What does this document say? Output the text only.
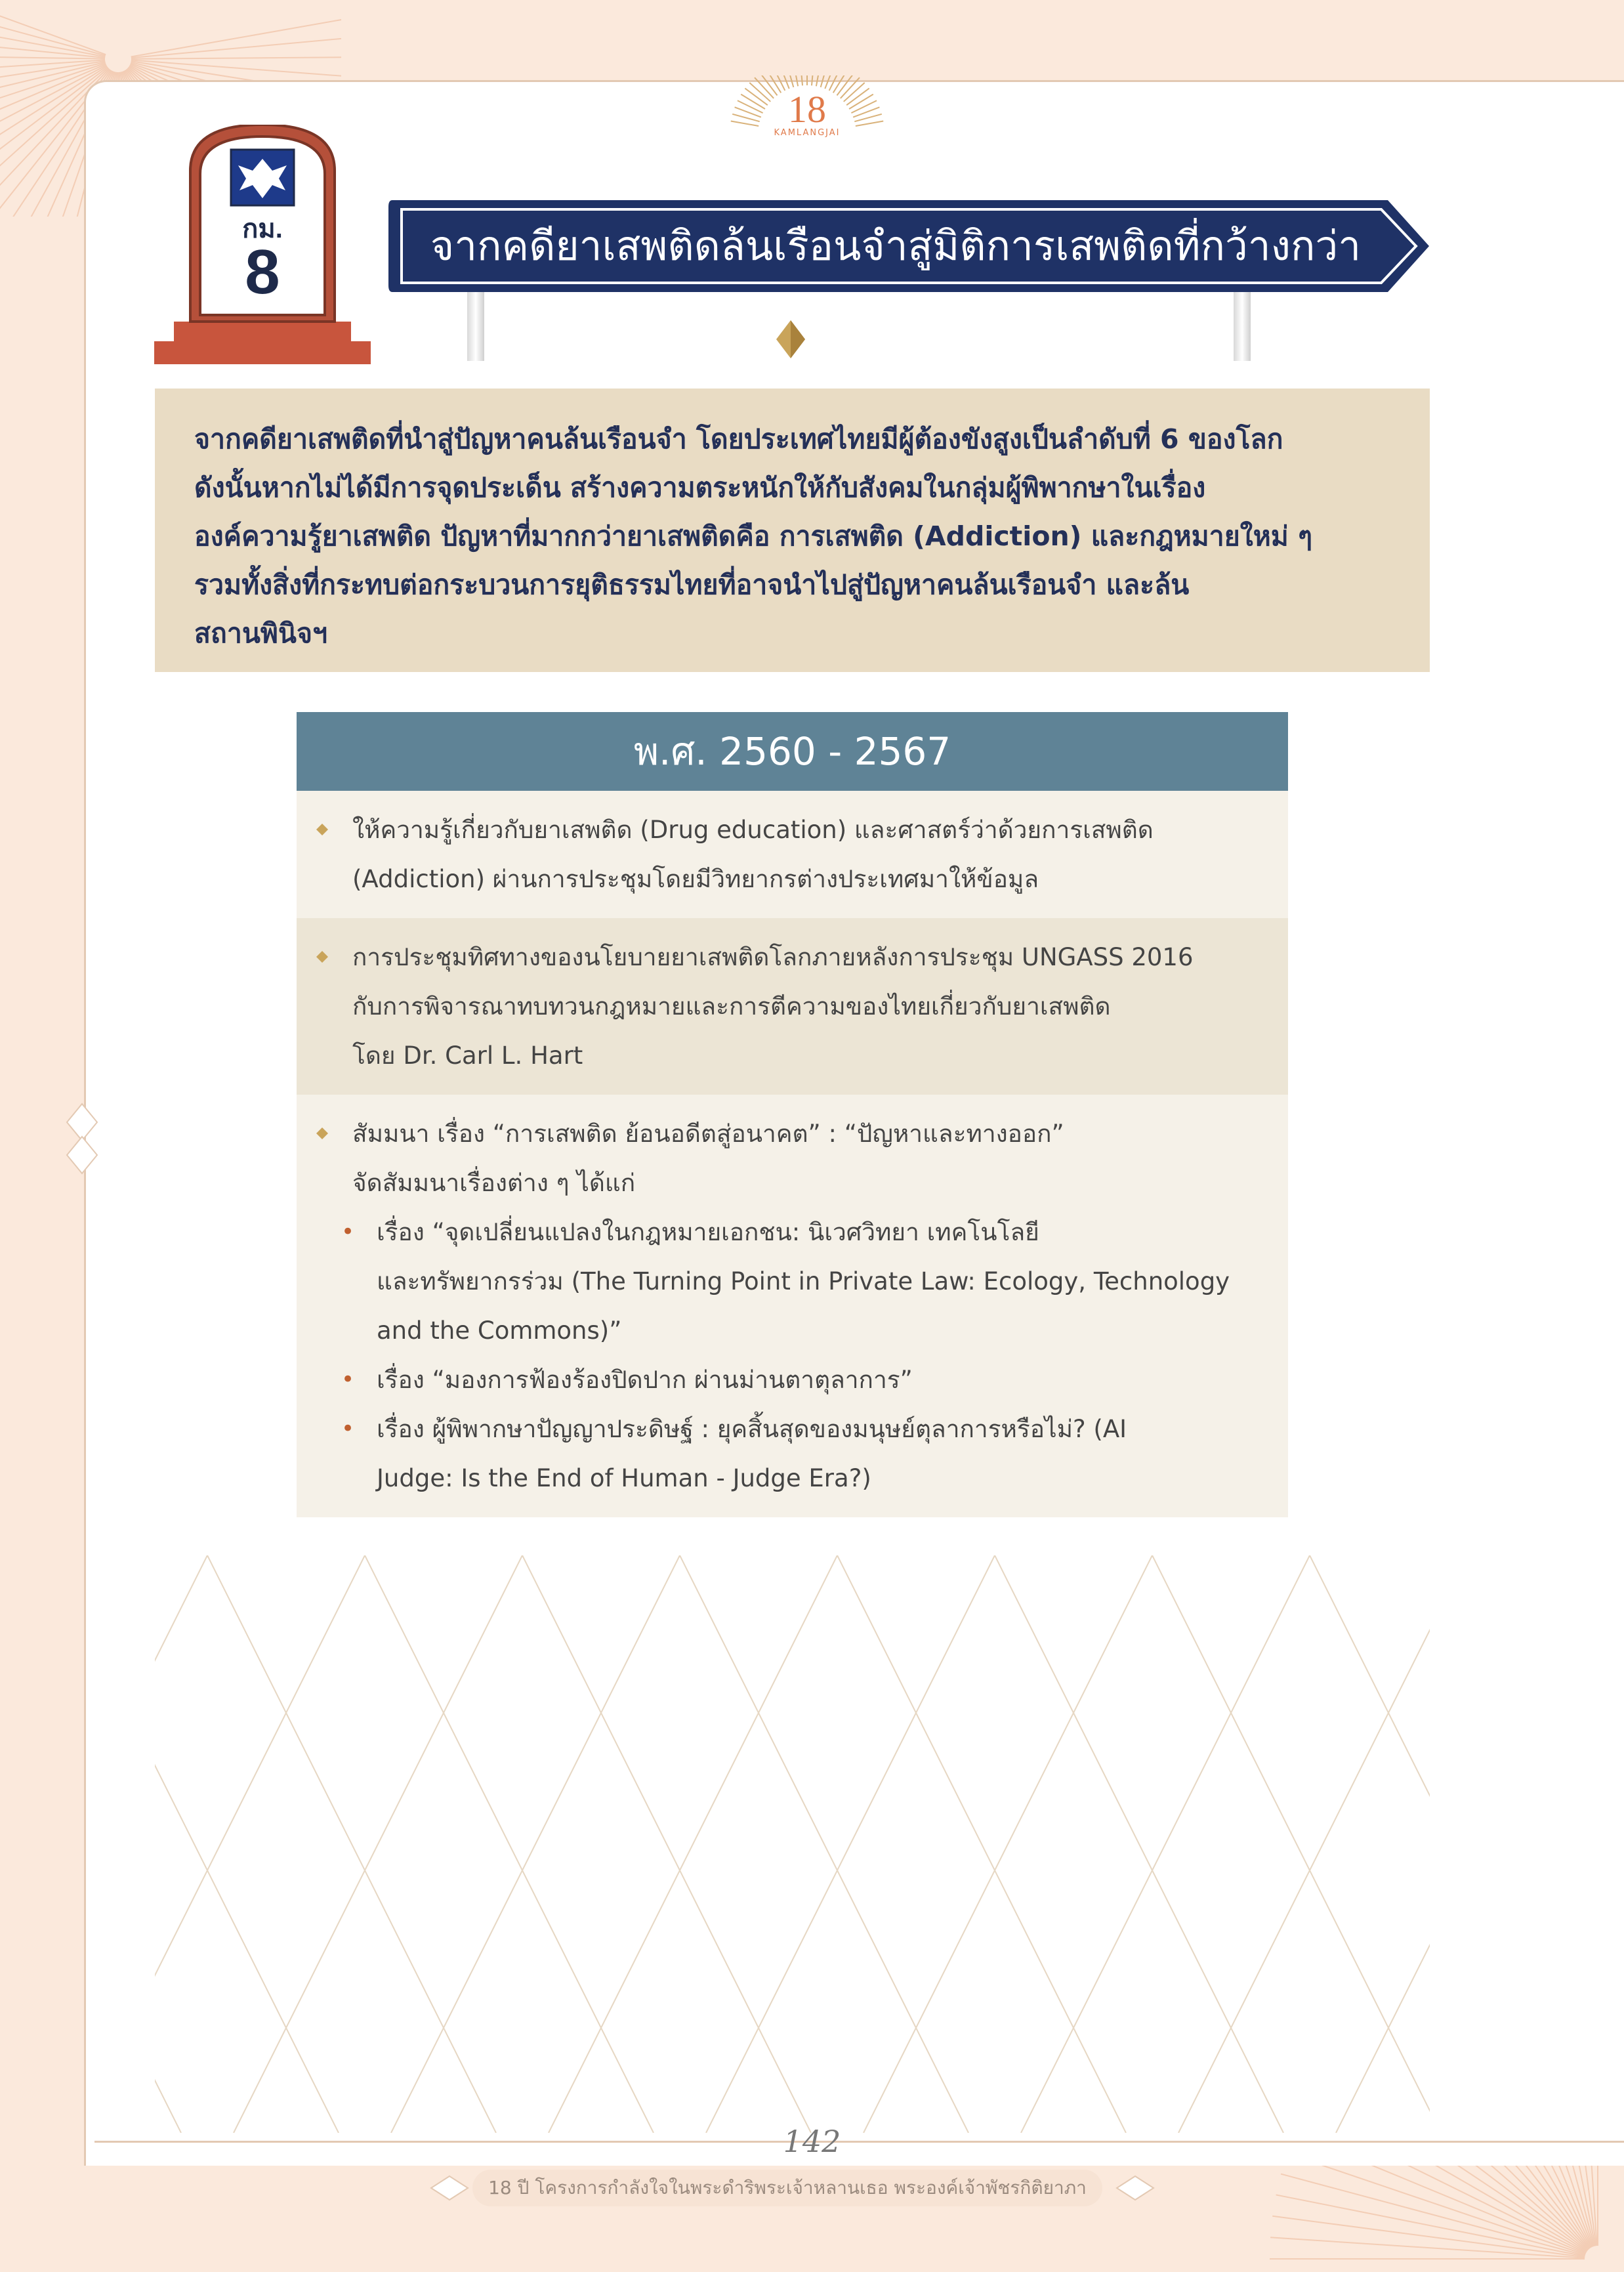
18
KAMLANGJAI
กม.
8	จากคดียาเสพติดล้นเรือนจำสู่มิติการเสพติดที่กว้างกว่า
จากคดียาเสพติดที่นำสู่ปัญหาคนล้นเรือนจำ โดยประเทศไทยมีผู้ต้องขังสูงเป็นลำดับที่ 6 ของโลก
ดังนั้นหากไม่ได้มีการจุดประเด็น สร้างความตระหนักให้กับสังคมในกลุ่มผู้พิพากษาในเรื่อง
องค์ความรู้ยาเสพติด ปัญหาที่มากกว่ายาเสพติดคือ การเสพติด (Addiction) และกฎหมายใหม่ ๆ
รวมทั้งสิ่งที่กระทบต่อกระบวนการยุติธรรมไทยที่อาจนำไปสู่ปัญหาคนล้นเรือนจำ และล้น
สถานพินิจฯ
พ.ศ. 2560 - 2567
ให้ความรู้เกี่ยวกับยาเสพติด (Drug education) และศาสตร์ว่าด้วยการเสพติด
(Addiction) ผ่านการประชุมโดยมีวิทยากรต่างประเทศมาให้ข้อมูล
การประชุมทิศทางของนโยบายยาเสพติดโลกภายหลังการประชุม UNGASS 2016
กับการพิจารณาทบทวนกฎหมายและการตีความของไทยเกี่ยวกับยาเสพติด
โดย Dr. Carl L. Hart
สัมมนา เรื่อง “การเสพติด ย้อนอดีตสู่อนาคต” : “ปัญหาและทางออก”
จัดสัมมนาเรื่องต่าง ๆ ได้แก่
• เรื่อง “จุดเปลี่ยนแปลงในกฎหมายเอกชน: นิเวศวิทยา เทคโนโลยี
และทรัพยากรร่วม (The Turning Point in Private Law: Ecology, Technology
and the Commons)”
• เรื่อง “มองการฟ้องร้องปิดปาก ผ่านม่านตาตุลาการ”
• เรื่อง ผู้พิพากษาปัญญาประดิษฐ์ : ยุคสิ้นสุดของมนุษย์ตุลาการหรือไม่? (AI
Judge: Is the End of Human - Judge Era?)
142
18 ปี โครงการกำลังใจในพระดำริพระเจ้าหลานเธอ พระองค์เจ้าพัชรกิติยาภา
